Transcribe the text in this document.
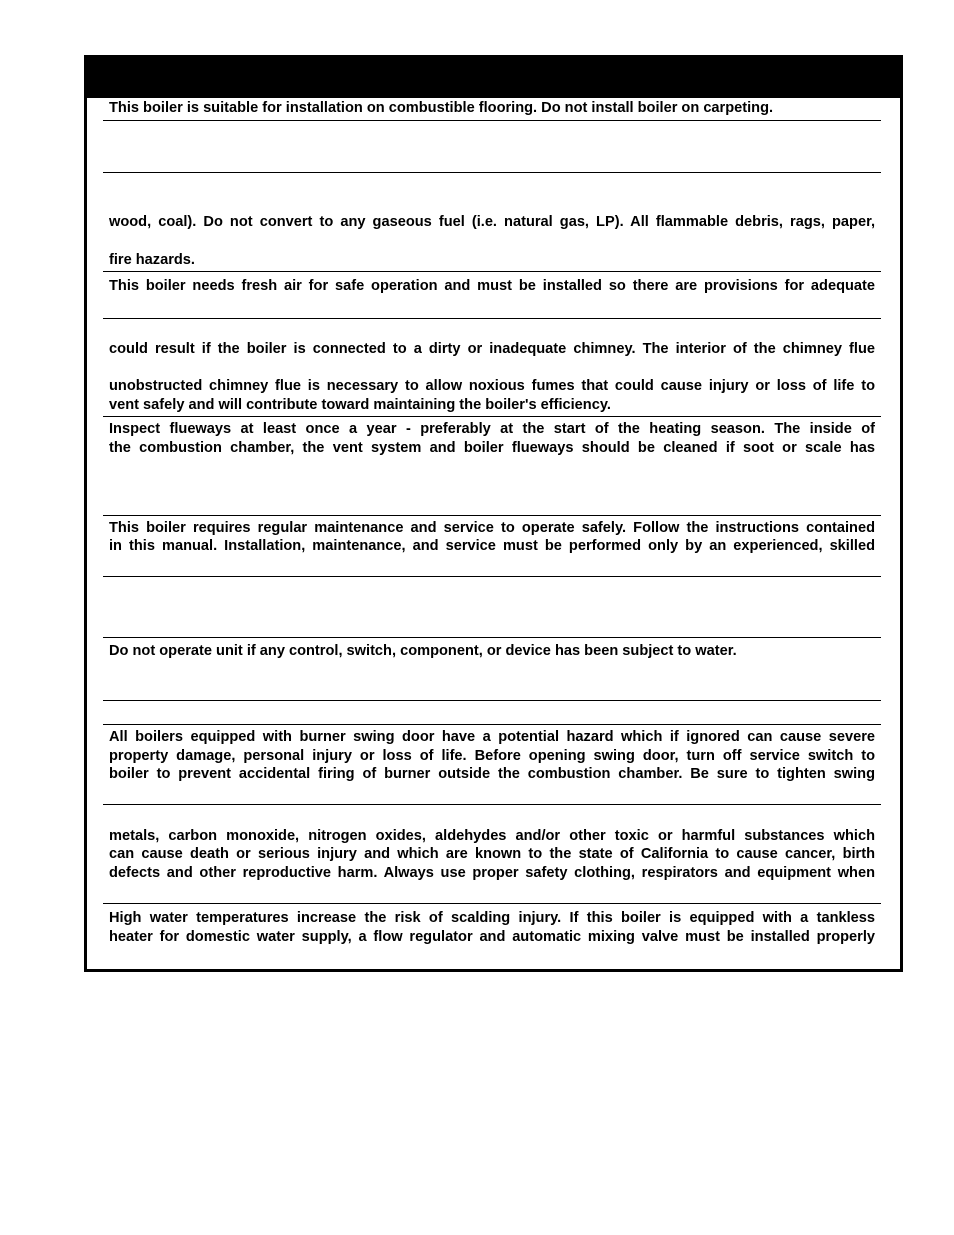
This boiler is suitable for installation on combustible flooring. Do not install boiler on carpeting.
wood, coal). Do not convert to any gaseous fuel (i.e. natural gas, LP). All flammable debris, rags, paper,
fire hazards.
This boiler needs fresh air for safe operation and must be installed so there are provisions for adequate
could result if the boiler is connected to a dirty or inadequate chimney. The interior of the chimney flue
unobstructed chimney flue is necessary to allow noxious fumes that could cause injury or loss of life to
vent safely and will contribute toward maintaining the boiler's efficiency.
Inspect flueways at least once a year - preferably at the start of the heating season. The inside of
the combustion chamber, the vent system and boiler flueways should be cleaned if soot or scale has
This boiler requires regular maintenance and service to operate safely. Follow the instructions contained
in this manual. Installation, maintenance, and service must be performed only by an experienced, skilled
Do not operate unit if any control, switch, component, or device has been subject to water.
All boilers equipped with burner swing door have a potential hazard which if ignored can cause severe
property damage, personal injury or loss of life. Before opening swing door, turn off service switch to
boiler to prevent accidental firing of burner outside the combustion chamber. Be sure to tighten swing
metals, carbon monoxide, nitrogen oxides, aldehydes and/or other toxic or harmful substances which
can cause death or serious injury and which are known to the state of California to cause cancer, birth
defects and other reproductive harm. Always use proper safety clothing, respirators and equipment when
High water temperatures increase the risk of scalding injury. If this boiler is equipped with a tankless
heater for domestic water supply, a flow regulator and automatic mixing valve must be installed properly
